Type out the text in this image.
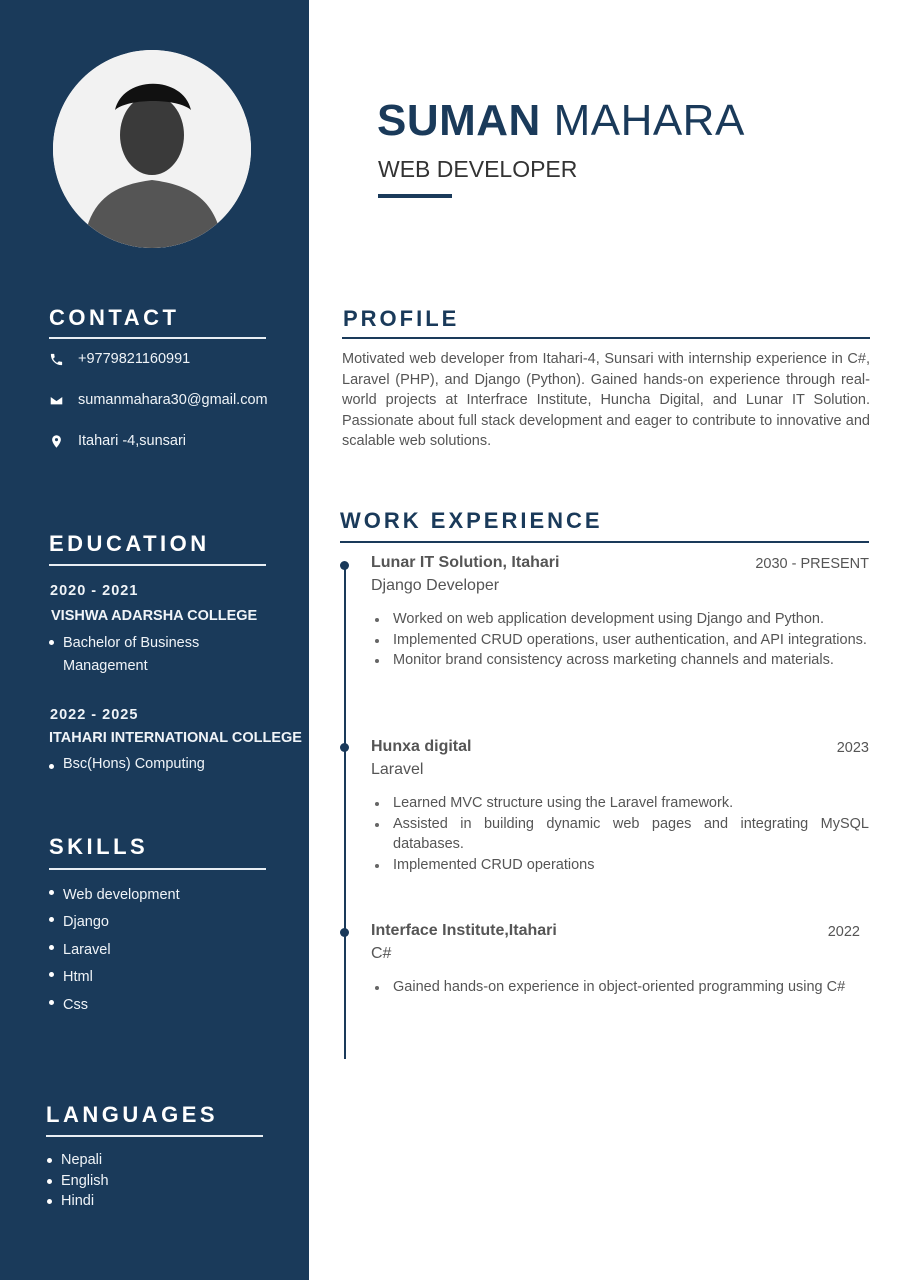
CONTACT
+9779821160991
sumanmahara30@gmail.com
Itahari -4,sunsari
EDUCATION
2020 - 2021
VISHWA ADARSHA COLLEGE
Bachelor of Business Management
2022 - 2025
ITAHARI INTERNATIONAL COLLEGE
Bsc(Hons) Computing
SKILLS
Web development
Django
Laravel
Html
Css
LANGUAGES
Nepali
English
Hindi
SUMAN MAHARA
WEB DEVELOPER
PROFILE
Motivated web developer from Itahari-4, Sunsari with internship experience in C#, Laravel (PHP), and Django (Python). Gained hands-on experience through real-world projects at Interfrace Institute, Huncha Digital, and Lunar IT Solution. Passionate about full stack development and eager to contribute to innovative and scalable web solutions.
WORK EXPERIENCE
Lunar IT Solution, Itahari	2030 - PRESENT
Django Developer
Worked on web application development using Django and Python.
Implemented CRUD operations, user authentication, and API integrations.
Monitor brand consistency across marketing channels and materials.
Hunxa digital	2023
Laravel
Learned MVC structure using the Laravel framework.
Assisted in building dynamic web pages and integrating MySQL databases.
Implemented CRUD operations
Interface Institute,Itahari	2022
C#
Gained hands-on experience in object-oriented programming using C#
